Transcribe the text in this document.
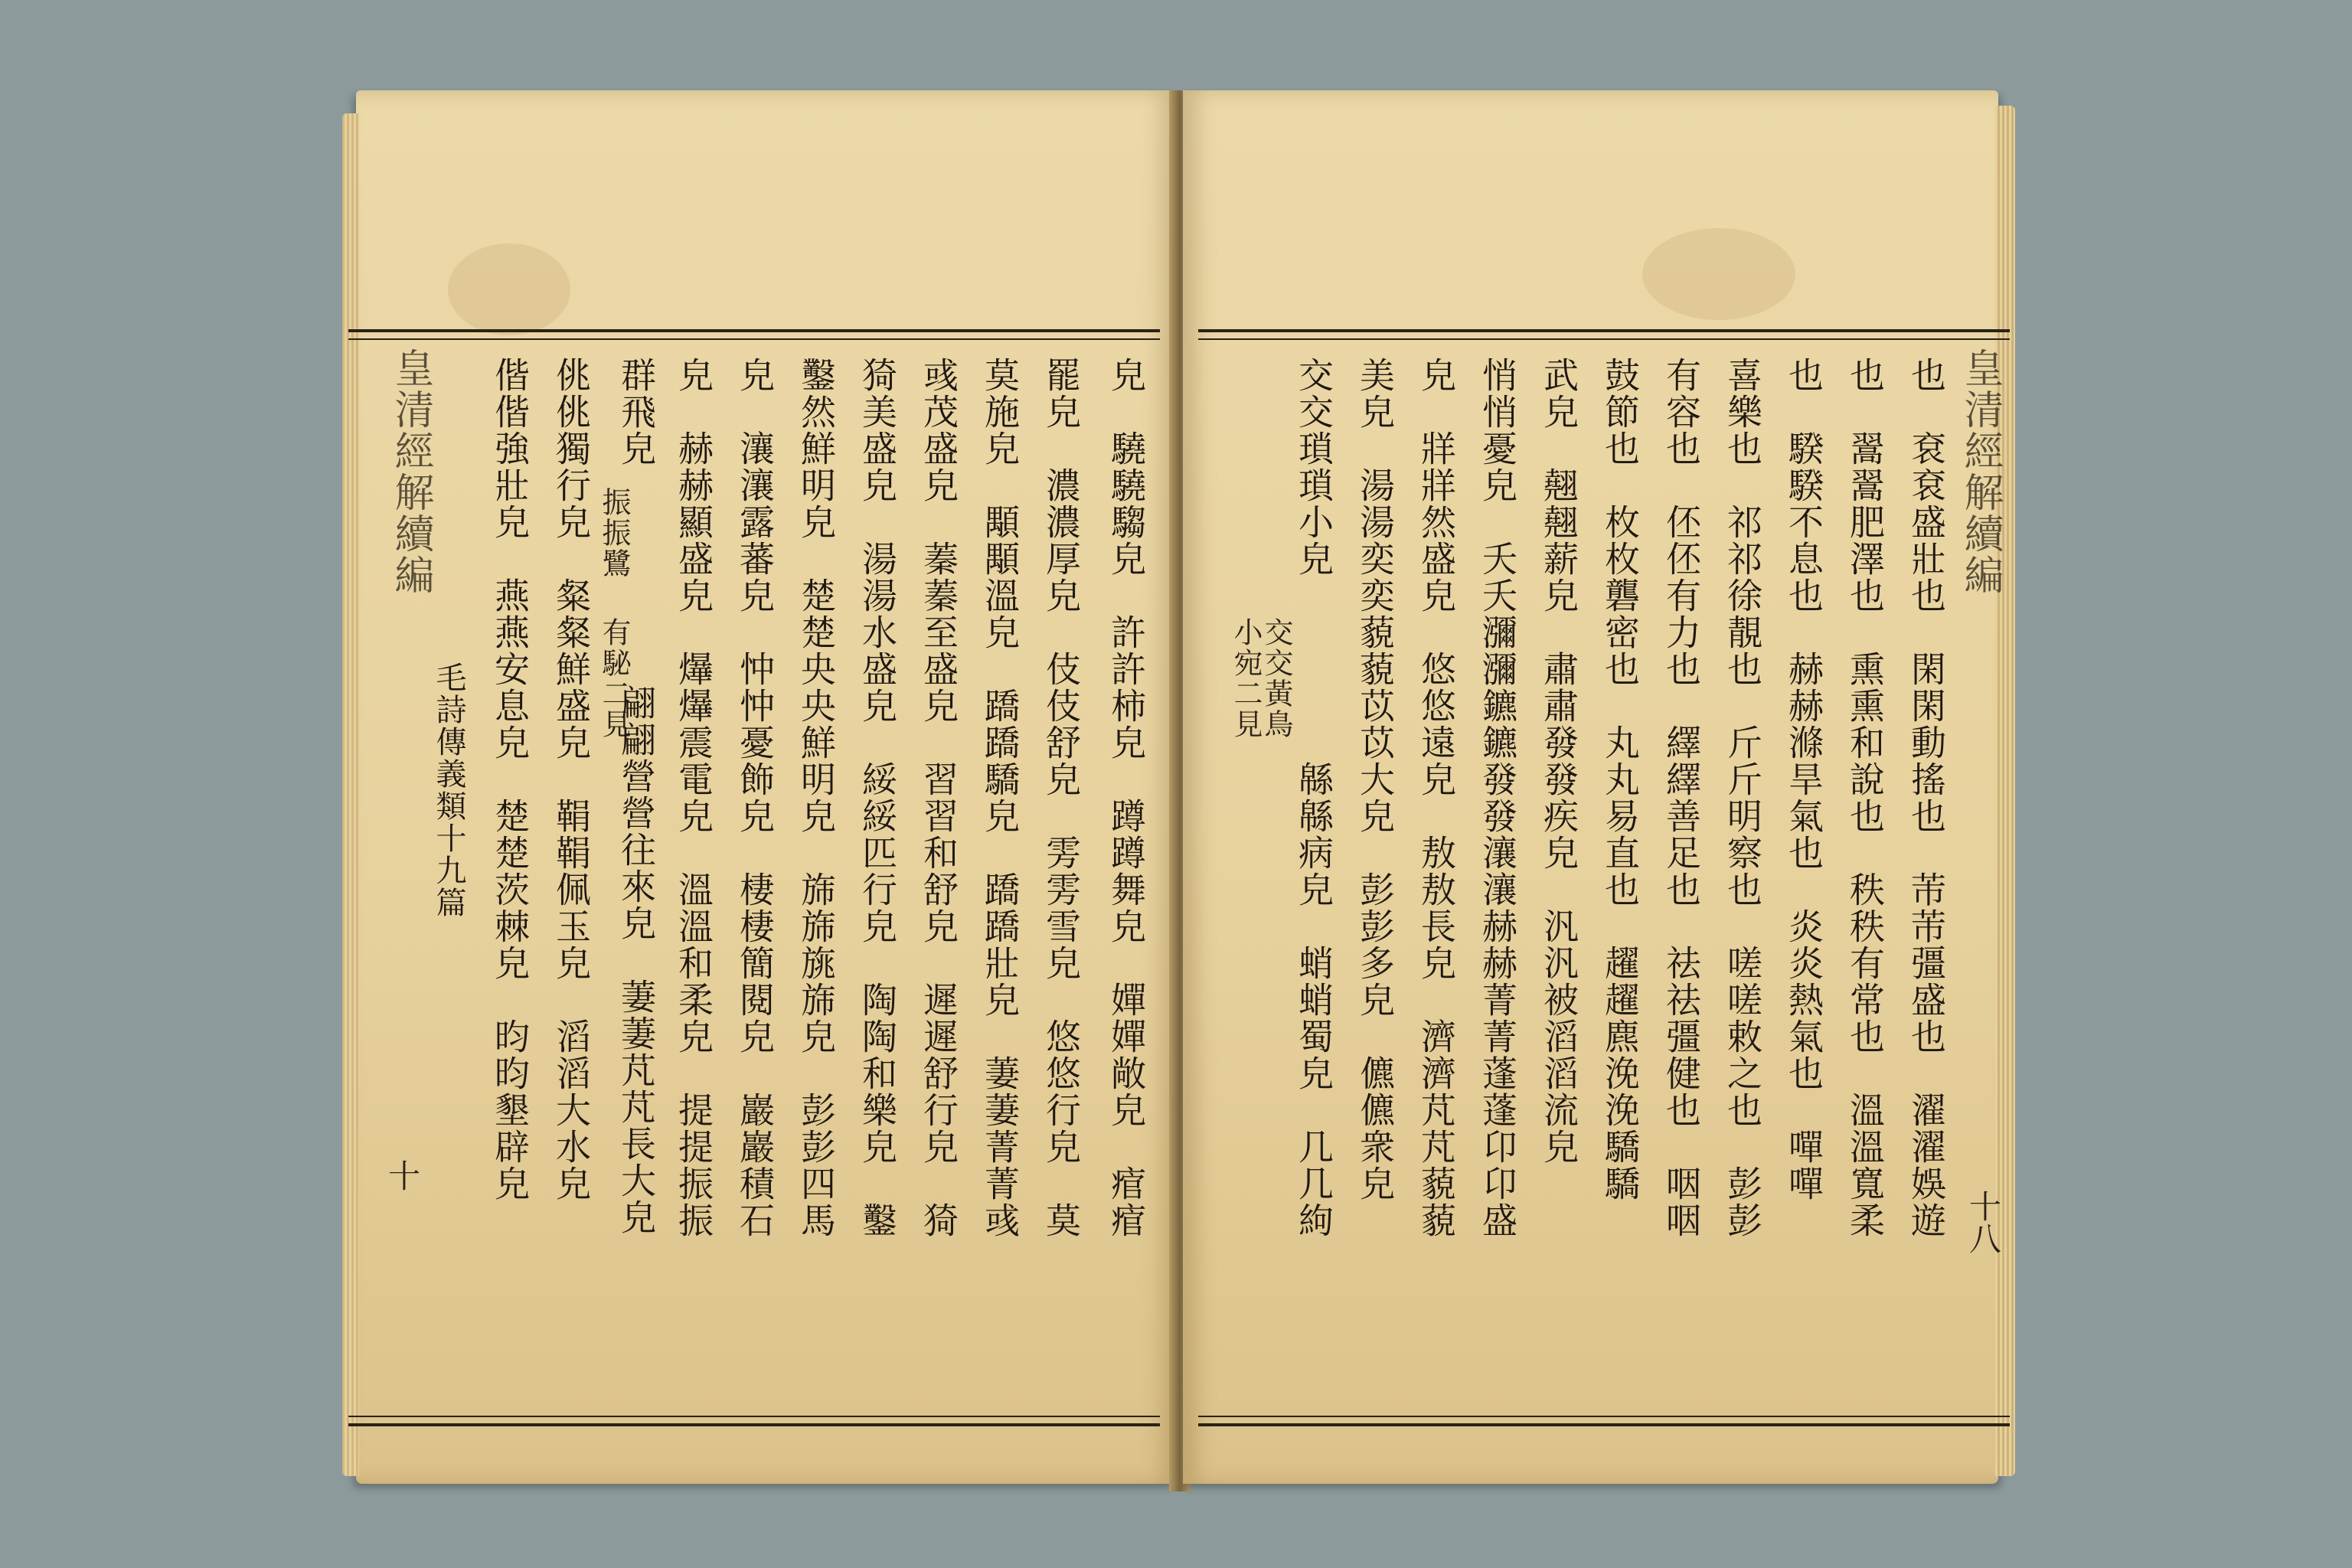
皃　驍驍騶皃　許許柿皃　蹲蹲舞皃　嬋嬋敞皃　痯痯
罷皃　濃濃厚皃　伎伎舒皃　雱雱雪皃　悠悠行皃　莫
莫施皃　顒顒溫皃　蹻蹻驕皃　蹻蹻壯皃　萋萋菁菁彧
彧茂盛皃　蓁蓁至盛皃　習習和舒皃　遲遲舒行皃　猗
猗美盛皃　湯湯水盛皃　綏綏匹行皃　陶陶和樂皃　鑿
鑿然鮮明皃　楚楚央央鮮明皃　旆旆旐旆皃　彭彭四馬
皃　瀼瀼露蕃皃　忡忡憂飾皃　棲棲簡閱皃　巖巖積石
皃　赫赫顯盛皃　爗爗震電皃　溫溫和柔皃　提提振振
群飛皃
振振鷺
有駜二見
翩翩營營往來皃　萋萋芃芃長大皃
佻佻獨行皃　粲粲鮮盛皃　鞙鞙佩玉皃　滔滔大水皃
偕偕強壯皃　燕燕安息皃　楚楚茨棘皃　昀昀墾辟皃
皇清經解續編
毛詩傳義類十九篇
十
皇清經解續編
十八
也　袞袞盛壯也　閑閑動搖也　芾芾彊盛也　濯濯娛遊
也　翯翯肥澤也　熏熏和說也　秩秩有常也　溫溫寬柔
也　騤騤不息也　赫赫滌旱氣也　炎炎熱氣也　嘽嘽
喜樂也　祁祁徐靚也　斤斤明察也　嗟嗟敕之也　彭彭
有容也　伾伾有力也　繹繹善足也　祛祛彊健也　咽咽
鼓節也　枚枚礱密也　丸丸易直也　趯趯麃浼浼驕驕
武皃　翹翹薪皃　肅肅發發疾皃　汎汎被滔滔流皃
悄悄憂皃　夭夭瀰瀰鑣鑣發發瀼瀼赫赫菁菁蓬蓬卬卬盛
皃　牂牂然盛皃　悠悠遠皃　敖敖長皃　濟濟芃芃藐藐
美皃　湯湯奕奕藐藐苡苡大皃　彭彭多皃　儦儦衆皃
交交瑣瑣小皃
交交黃鳥
小宛二見
緜緜病皃　蛸蛸蜀皃　几几絇
